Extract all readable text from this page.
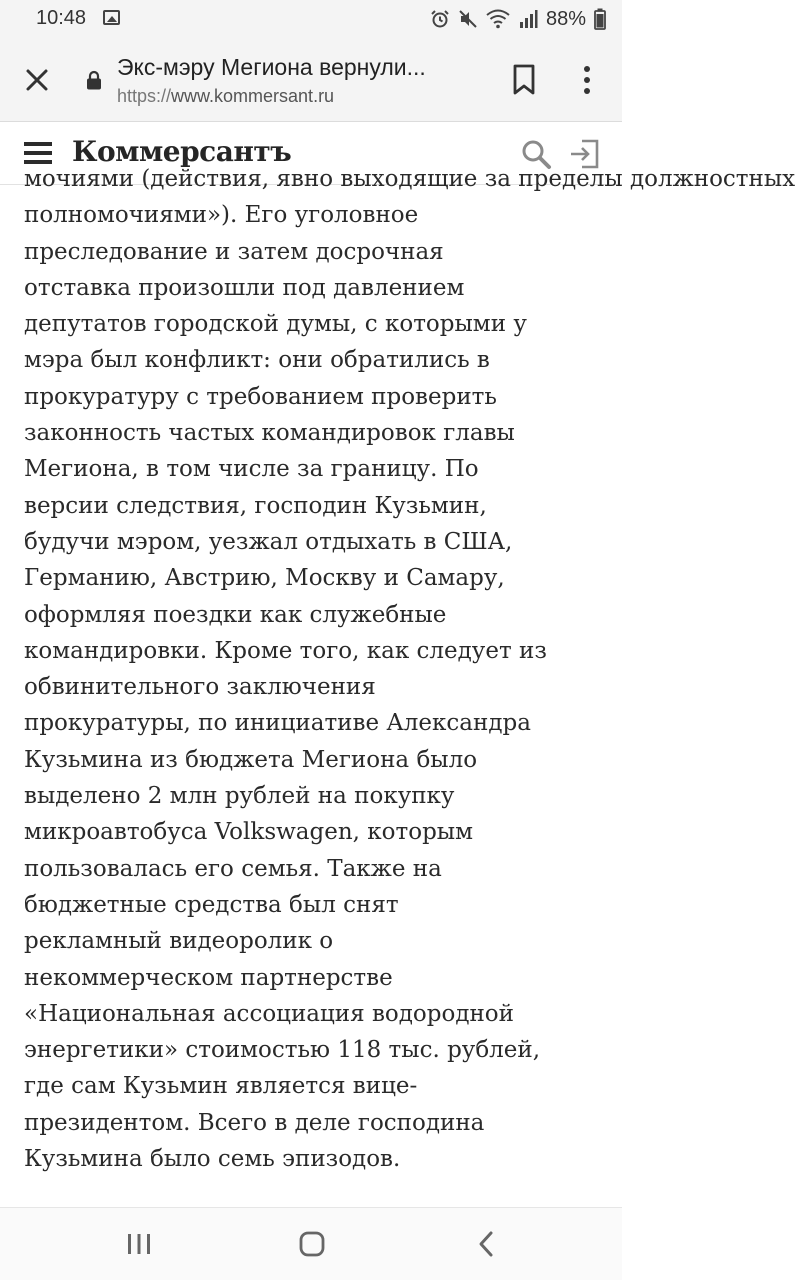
10:48	88%
Экс-мэру Мегиона вернули...
https://www.kommersant.ru
Коммерсантъ
мочиями (действия, явно выходящие за пределы должностных
полномочиями»). Его уголовное
преследование и затем досрочная
отставка произошли под давлением
депутатов городской думы, с которыми у
мэра был конфликт: они обратились в
прокуратуру с требованием проверить
законность частых командировок главы
Мегиона, в том числе за границу. По
версии следствия, господин Кузьмин,
будучи мэром, уезжал отдыхать в США,
Германию, Австрию, Москву и Самару,
оформляя поездки как служебные
командировки. Кроме того, как следует из
обвинительного заключения
прокуратуры, по инициативе Александра
Кузьмина из бюджета Мегиона было
выделено 2 млн рублей на покупку
микроавтобуса Volkswagen, которым
пользовалась его семья. Также на
бюджетные средства был снят
рекламный видеоролик о
некоммерческом партнерстве
«Национальная ассоциация водородной
энергетики» стоимостью 118 тыс. рублей,
где сам Кузьмин является вице-
президентом. Всего в деле господина
Кузьмина было семь эпизодов.
